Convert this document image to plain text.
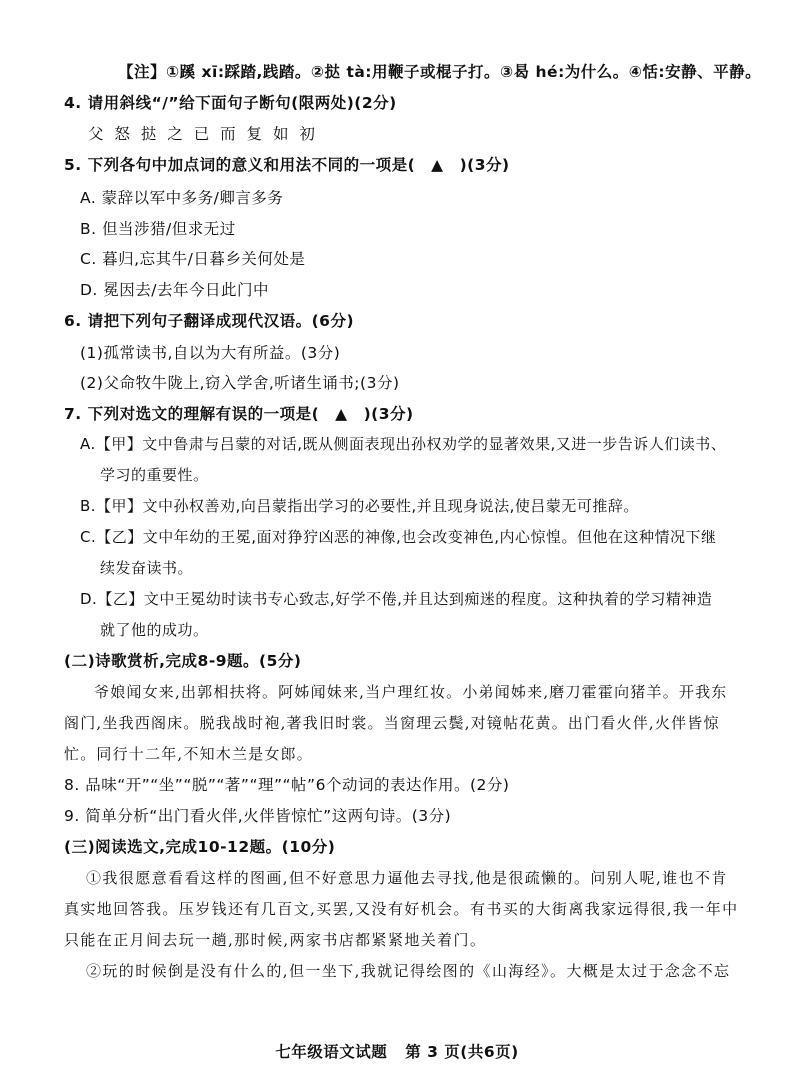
【注】①蹊 xī:踩踏,践踏。②挞 tà:用鞭子或棍子打。③曷 hé:为什么。④恬:安静、平静。
4. 请用斜线“/”给下面句子断句(限两处)(2分)
父 怒 挞 之 已 而 复 如 初
5. 下列各句中加点词的意义和用法不同的一项是(　▲　)(3分)
A. 蒙辞以军中多务/卿言多务
B. 但当涉猎/但求无过
C. 暮归,忘其牛/日暮乡关何处是
D. 冕因去/去年今日此门中
6. 请把下列句子翻译成现代汉语。(6分)
(1)孤常读书,自以为大有所益。(3分)
(2)父命牧牛陇上,窃入学舍,听诸生诵书;(3分)
7. 下列对选文的理解有误的一项是(　▲　)(3分)
A.【甲】文中鲁肃与吕蒙的对话,既从侧面表现出孙权劝学的显著效果,又进一步告诉人们读书、
学习的重要性。
B.【甲】文中孙权善劝,向吕蒙指出学习的必要性,并且现身说法,使吕蒙无可推辞。
C.【乙】文中年幼的王冕,面对狰狞凶恶的神像,也会改变神色,内心惊惶。但他在这种情况下继
续发奋读书。
D.【乙】文中王冕幼时读书专心致志,好学不倦,并且达到痴迷的程度。这种执着的学习精神造
就了他的成功。
(二)诗歌赏析,完成8-9题。(5分)
爷娘闻女来,出郭相扶将。阿姊闻妹来,当户理红妆。小弟闻姊来,磨刀霍霍向猪羊。开我东
阁门,坐我西阁床。脱我战时袍,著我旧时裳。当窗理云鬓,对镜帖花黄。出门看火伴,火伴皆惊
忙。同行十二年,不知木兰是女郎。
8. 品味“开”“坐”“脱”“著”“理”“帖”6个动词的表达作用。(2分)
9. 简单分析“出门看火伴,火伴皆惊忙”这两句诗。(3分)
(三)阅读选文,完成10-12题。(10分)
①我很愿意看看这样的图画,但不好意思力逼他去寻找,他是很疏懒的。问别人呢,谁也不肯
真实地回答我。压岁钱还有几百文,买罢,又没有好机会。有书买的大街离我家远得很,我一年中
只能在正月间去玩一趟,那时候,两家书店都紧紧地关着门。
②玩的时候倒是没有什么的,但一坐下,我就记得绘图的《山海经》。大概是太过于念念不忘
七年级语文试题 第 3 页(共6页)
